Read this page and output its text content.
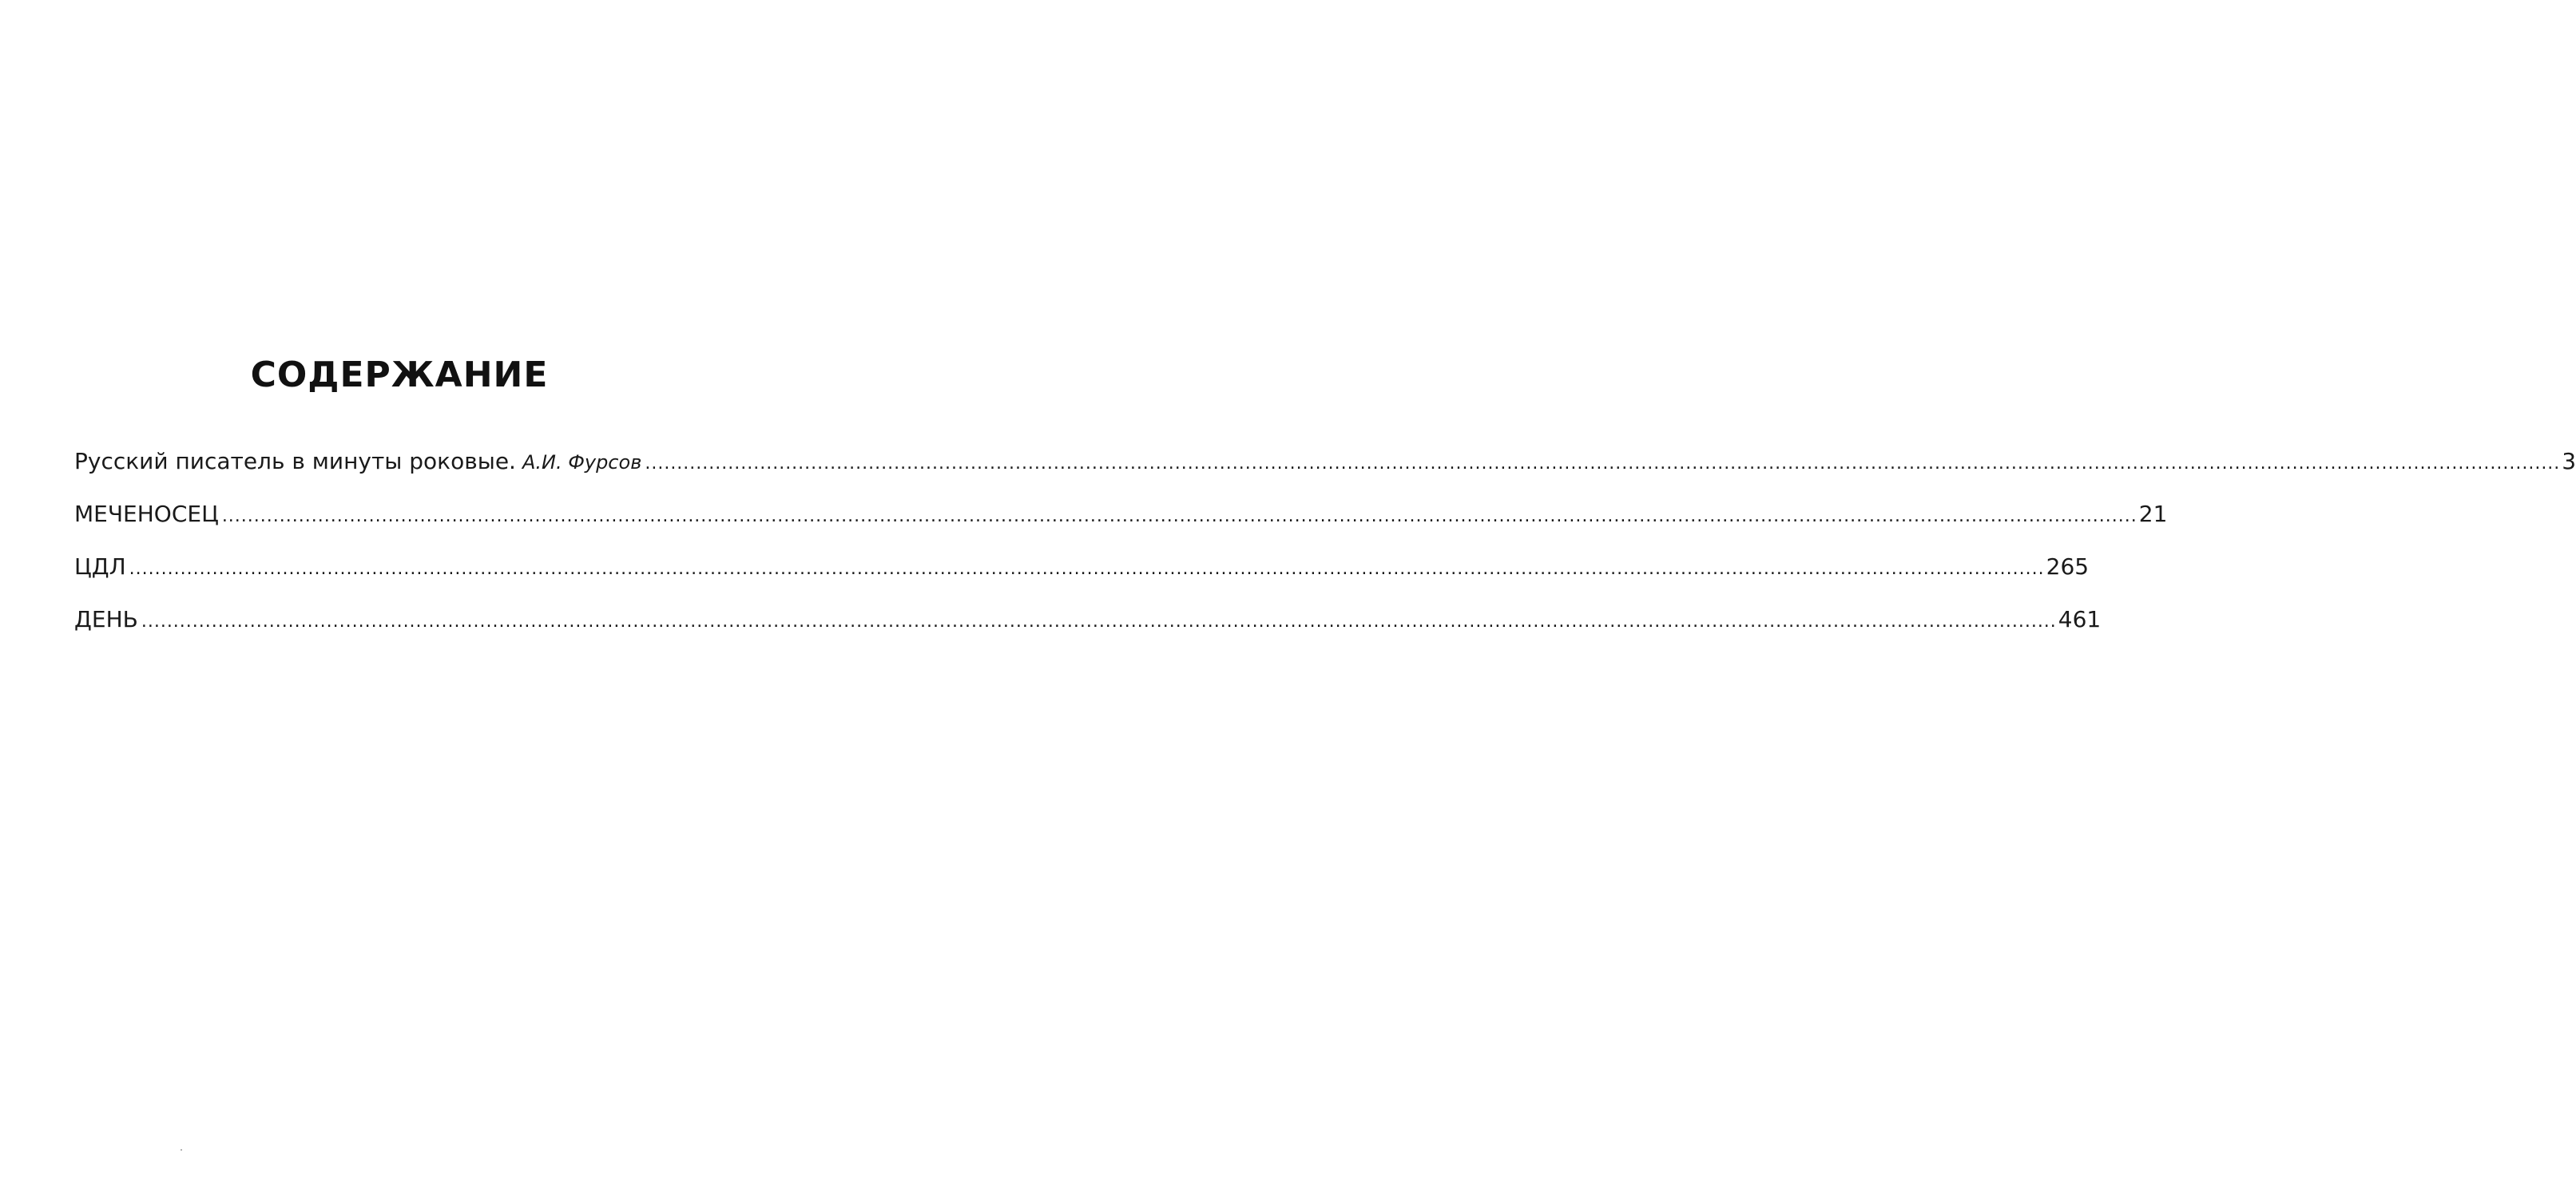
СОДЕРЖАНИЕ
Русский писатель в минуты роковые. А.И. Фурсов ............................................................................................................................................................................................................................................................................................................ 3
МЕЧЕНОСЕЦ ............................................................................................................................................................................................................................................................................................................ 21
ЦДЛ ............................................................................................................................................................................................................................................................................................................ 265
ДЕНЬ ............................................................................................................................................................................................................................................................................................................ 461
